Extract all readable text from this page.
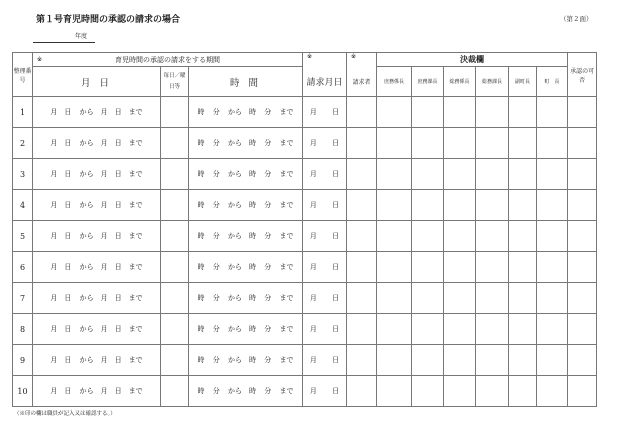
第１号育児時間の承認の請求の場合	（第２面）
年度
整理番号	※ 育児時間の承認の請求をする期間			※	※	決裁欄						承認の可否
	月 日	毎日／曜日等	時 間	請求月日	請求者	庶務係長	庶務課長	総務係長	総務課長	副町長	町　長	
1	月　日 から　月　日　まで		時 分 から　時 分 まで	月　 日								
2	月　日 から　月　日　まで		時 分 から　時 分 まで	月　 日								
3	月　日 から　月　日　まで		時 分 から　時 分 まで	月　 日								
4	月　日 から　月　日　まで		時 分 から　時 分 まで	月　 日								
5	月　日 から　月　日　まで		時 分 から　時 分 まで	月　 日								
6	月　日 から　月　日　まで		時 分 から　時 分 まで	月　 日								
7	月　日 から　月　日　まで		時 分 から　時 分 まで	月　 日								
8	月　日 から　月　日　まで		時 分 から　時 分 まで	月　 日								
9	月　日 から　月　日　まで		時 分 から　時 分 まで	月　 日								
10	月　日 から　月　日　まで		時 分 から　時 分 まで	月　 日								
（※印の欄は職員が記入又は確認する。）
